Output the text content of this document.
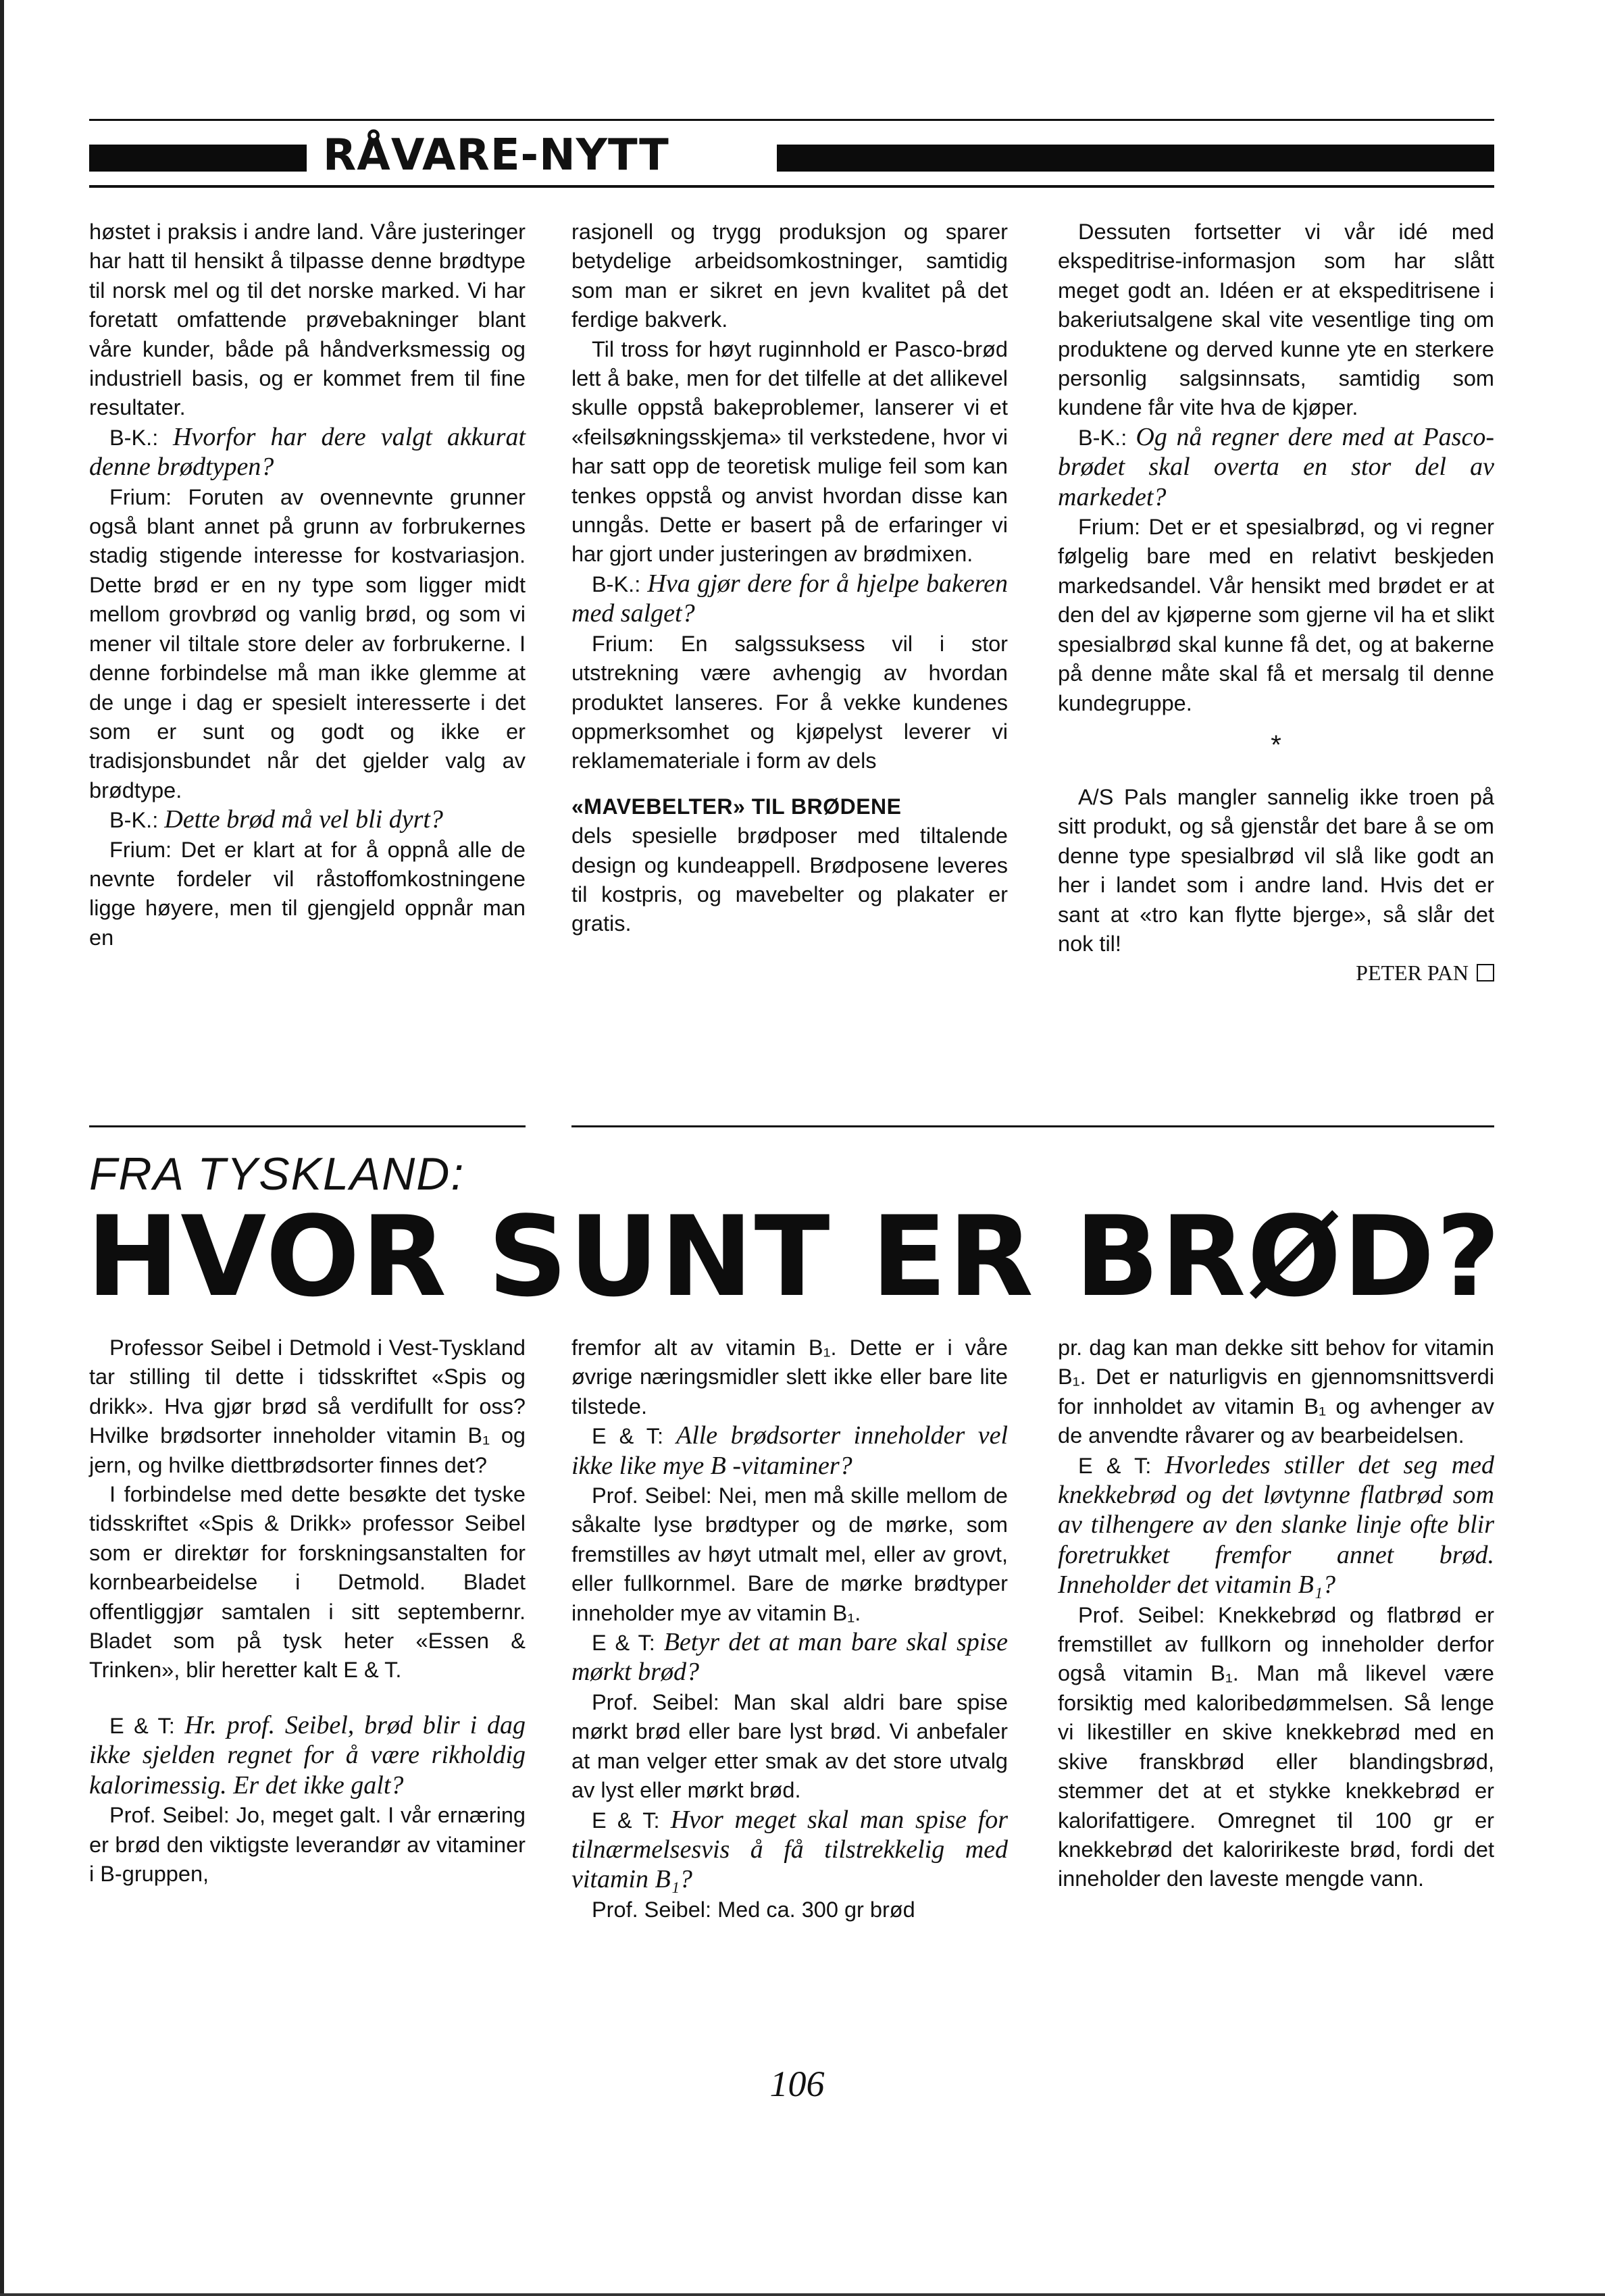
RÅVARE-NYTT

høstet i praksis i andre land. Våre justeringer har hatt til hensikt å tilpasse denne brødtype til norsk mel og til det norske marked. Vi har foretatt omfattende prøvebakninger blant våre kunder, både på håndverksmessig og industriell basis, og er kommet frem til fine resultater.

B-K.: Hvorfor har dere valgt akkurat denne brødtypen?

Frium: Foruten av ovennevnte grunner også blant annet på grunn av forbrukernes stadig stigende interesse for kostvariasjon. Dette brød er en ny type som ligger midt mellom grovbrød og vanlig brød, og som vi mener vil tiltale store deler av forbrukerne. I denne forbindelse må man ikke glemme at de unge i dag er spesielt interesserte i det som er sunt og godt og ikke er tradisjonsbundet når det gjelder valg av brødtype.

B-K.: Dette brød må vel bli dyrt?

Frium: Det er klart at for å oppnå alle de nevnte fordeler vil råstoffomkostningene ligge høyere, men til gjengjeld oppnår man en

rasjonell og trygg produksjon og sparer betydelige arbeidsomkostninger, samtidig som man er sikret en jevn kvalitet på det ferdige bakverk.

Til tross for høyt ruginnhold er Pasco-brød lett å bake, men for det tilfelle at det allikevel skulle oppstå bakeproblemer, lanserer vi et «feilsøkningsskjema» til verkstedene, hvor vi har satt opp de teoretisk mulige feil som kan tenkes oppstå og anvist hvordan disse kan unngås. Dette er basert på de erfaringer vi har gjort under justeringen av brødmixen.

B-K.: Hva gjør dere for å hjelpe bakeren med salget?

Frium: En salgssuksess vil i stor utstrekning være avhengig av hvordan produktet lanseres. For å vekke kundenes oppmerksomhet og kjøpelyst leverer vi reklamemateriale i form av dels

«MAVEBELTER» TIL BRØDENE

dels spesielle brødposer med tiltalende design og kundeappell. Brødposene leveres til kostpris, og mavebelter og plakater er gratis.

Dessuten fortsetter vi vår idé med ekspeditrise-informasjon som har slått meget godt an. Idéen er at ekspeditrisene i bakeriutsalgene skal vite vesentlige ting om produktene og derved kunne yte en sterkere personlig salgsinnsats, samtidig som kundene får vite hva de kjøper.

B-K.: Og nå regner dere med at Pasco-brødet skal overta en stor del av markedet?

Frium: Det er et spesialbrød, og vi regner følgelig bare med en relativt beskjeden markedsandel. Vår hensikt med brødet er at den del av kjøperne som gjerne vil ha et slikt spesialbrød skal kunne få det, og at bakerne på denne måte skal få et mersalg til denne kundegruppe.

*

A/S Pals mangler sannelig ikke troen på sitt produkt, og så gjenstår det bare å se om denne type spesialbrød vil slå like godt an her i landet som i andre land. Hvis det er sant at «tro kan flytte bjerge», så slår det nok til!

PETER PAN

FRA TYSKLAND:
HVOR SUNT ER BRØD?

Professor Seibel i Detmold i Vest-Tyskland tar stilling til dette i tidsskriftet «Spis og drikk». Hva gjør brød så verdifullt for oss? Hvilke brødsorter inneholder vitamin B₁ og jern, og hvilke diettbrødsorter finnes det?

I forbindelse med dette besøkte det tyske tidsskriftet «Spis & Drikk» professor Seibel som er direktør for forskningsanstalten for kornbearbeidelse i Detmold. Bladet offentliggjør samtalen i sitt septembernr. Bladet som på tysk heter «Essen & Trinken», blir heretter kalt E & T.

E & T: Hr. prof. Seibel, brød blir i dag ikke sjelden regnet for å være rikholdig kalorimessig. Er det ikke galt?

Prof. Seibel: Jo, meget galt. I vår ernæring er brød den viktigste leverandør av vitaminer i B-gruppen,

fremfor alt av vitamin B₁. Dette er i våre øvrige næringsmidler slett ikke eller bare lite tilstede.

E & T: Alle brødsorter inneholder vel ikke like mye B -vitaminer?

Prof. Seibel: Nei, men må skille mellom de såkalte lyse brødtyper og de mørke, som fremstilles av høyt utmalt mel, eller av grovt, eller fullkornmel. Bare de mørke brødtyper inneholder mye av vitamin B₁.

E & T: Betyr det at man bare skal spise mørkt brød?

Prof. Seibel: Man skal aldri bare spise mørkt brød eller bare lyst brød. Vi anbefaler at man velger etter smak av det store utvalg av lyst eller mørkt brød.

E & T: Hvor meget skal man spise for tilnærmelsesvis å få tilstrekkelig med vitamin B₁?

Prof. Seibel: Med ca. 300 gr brød

pr. dag kan man dekke sitt behov for vitamin B₁. Det er naturligvis en gjennomsnittsverdi for innholdet av vitamin B₁ og avhenger av de anvendte råvarer og av bearbeidelsen.

E & T: Hvorledes stiller det seg med knekkebrød og det løvtynne flatbrød som av tilhengere av den slanke linje ofte blir foretrukket fremfor annet brød. Inneholder det vitamin B₁?

Prof. Seibel: Knekkebrød og flatbrød er fremstillet av fullkorn og inneholder derfor også vitamin B₁. Man må likevel være forsiktig med kaloribedømmelsen. Så lenge vi likestiller en skive knekkebrød med en skive franskbrød eller blandingsbrød, stemmer det at et stykke knekkebrød er kalorifattigere. Omregnet til 100 gr er knekkebrød det kaloririkeste brød, fordi det inneholder den laveste mengde vann.

106
